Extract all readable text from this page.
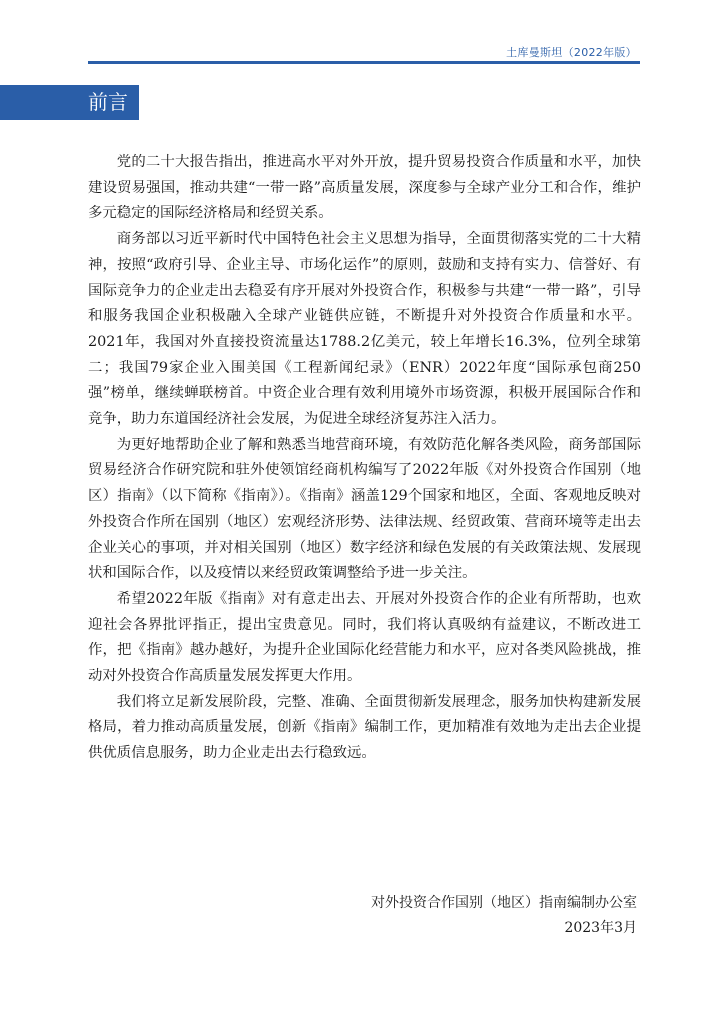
土库曼斯坦（2022年版）
前言

党的二十大报告指出，推进高水平对外开放，提升贸易投资合作质量和水平，加快建设贸易强国，推动共建“一带一路”高质量发展，深度参与全球产业分工和合作，维护多元稳定的国际经济格局和经贸关系。

商务部以习近平新时代中国特色社会主义思想为指导，全面贯彻落实党的二十大精神，按照“政府引导、企业主导、市场化运作”的原则，鼓励和支持有实力、信誉好、有国际竞争力的企业走出去稳妥有序开展对外投资合作，积极参与共建“一带一路”，引导和服务我国企业积极融入全球产业链供应链，不断提升对外投资合作质量和水平。2021年，我国对外直接投资流量达1788.2亿美元，较上年增长16.3%，位列全球第二；我国79家企业入围美国《工程新闻纪录》（ENR）2022年度“国际承包商250强”榜单，继续蝉联榜首。中资企业合理有效利用境外市场资源，积极开展国际合作和竞争，助力东道国经济社会发展，为促进全球经济复苏注入活力。

为更好地帮助企业了解和熟悉当地营商环境，有效防范化解各类风险，商务部国际贸易经济合作研究院和驻外使领馆经商机构编写了2022年版《对外投资合作国别（地区）指南》（以下简称《指南》）。《指南》涵盖129个国家和地区，全面、客观地反映对外投资合作所在国别（地区）宏观经济形势、法律法规、经贸政策、营商环境等走出去企业关心的事项，并对相关国别（地区）数字经济和绿色发展的有关政策法规、发展现状和国际合作，以及疫情以来经贸政策调整给予进一步关注。

希望2022年版《指南》对有意走出去、开展对外投资合作的企业有所帮助，也欢迎社会各界批评指正，提出宝贵意见。同时，我们将认真吸纳有益建议，不断改进工作，把《指南》越办越好，为提升企业国际化经营能力和水平，应对各类风险挑战，推动对外投资合作高质量发展发挥更大作用。

我们将立足新发展阶段，完整、准确、全面贯彻新发展理念，服务加快构建新发展格局，着力推动高质量发展，创新《指南》编制工作，更加精准有效地为走出去企业提供优质信息服务，助力企业走出去行稳致远。

对外投资合作国别（地区）指南编制办公室
2023年3月
